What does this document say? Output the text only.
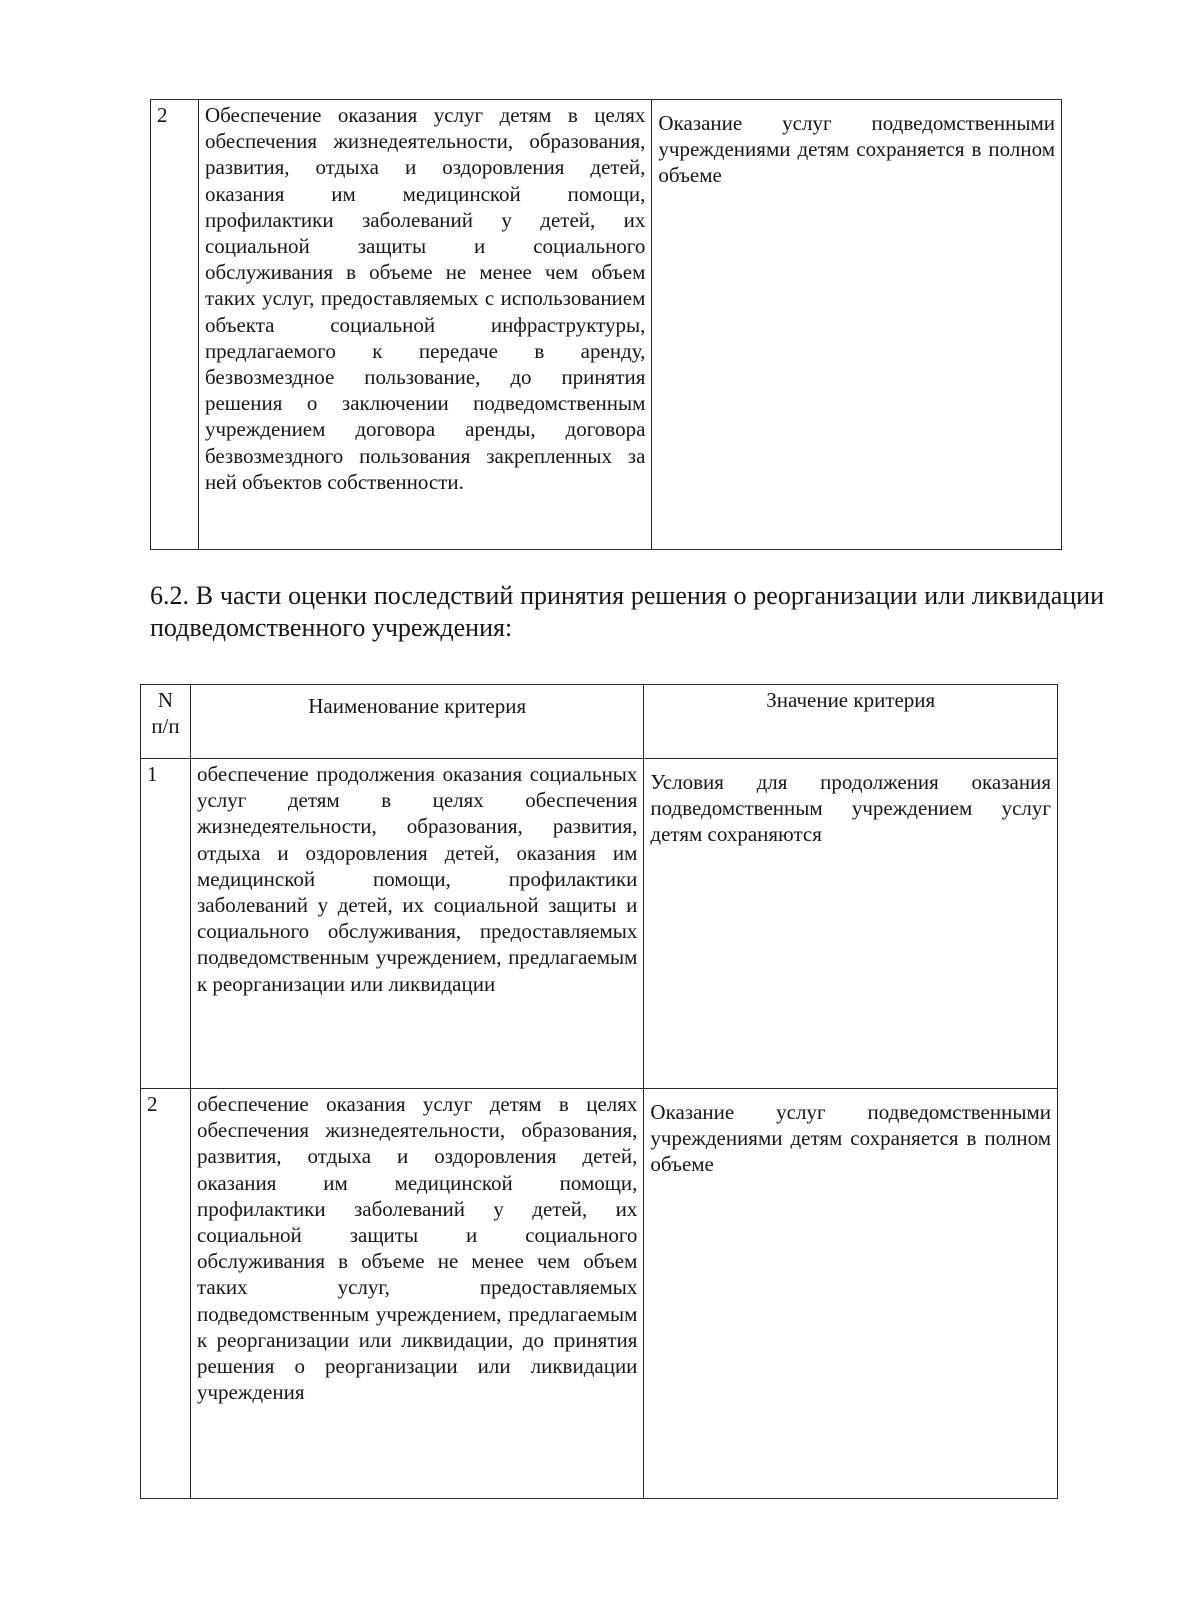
2	Обеспечение оказания услуг детям в целях обеспечения жизнедеятельности, образования, развития, отдыха и оздоровления детей, оказания им медицинской помощи, профилактики заболеваний у детей, их социальной защиты и социального обслуживания в объеме не менее чем объем таких услуг, предоставляемых с использованием объекта социальной инфраструктуры, предлагаемого к передаче в аренду, безвозмездное пользование, до принятия решения о заключении подведомственным учреждением договора аренды, договора безвозмездного пользования закрепленных за ней объектов собственности.	Оказание услуг подведомственными учреждениями детям сохраняется в полном объеме
6.2. В части оценки последствий принятия решения о реорганизации или ликвидации подведомственного учреждения:
N п/п	Наименование критерия	Значение критерия
1	обеспечение продолжения оказания социальных услуг детям в целях обеспечения жизнедеятельности, образования, развития, отдыха и оздоровления детей, оказания им медицинской помощи, профилактики заболеваний у детей, их социальной защиты и социального обслуживания, предоставляемых подведомственным учреждением, предлагаемым к реорганизации или ликвидации	Условия для продолжения оказания подведомственным учреждением услуг детям сохраняются
2	обеспечение оказания услуг детям в целях обеспечения жизнедеятельности, образования, развития, отдыха и оздоровления детей, оказания им медицинской помощи, профилактики заболеваний у детей, их социальной защиты и социального обслуживания в объеме не менее чем объем таких услуг, предоставляемых подведомственным учреждением, предлагаемым к реорганизации или ликвидации, до принятия решения о реорганизации или ликвидации учреждения	Оказание услуг подведомственными учреждениями детям сохраняется в полном объеме
